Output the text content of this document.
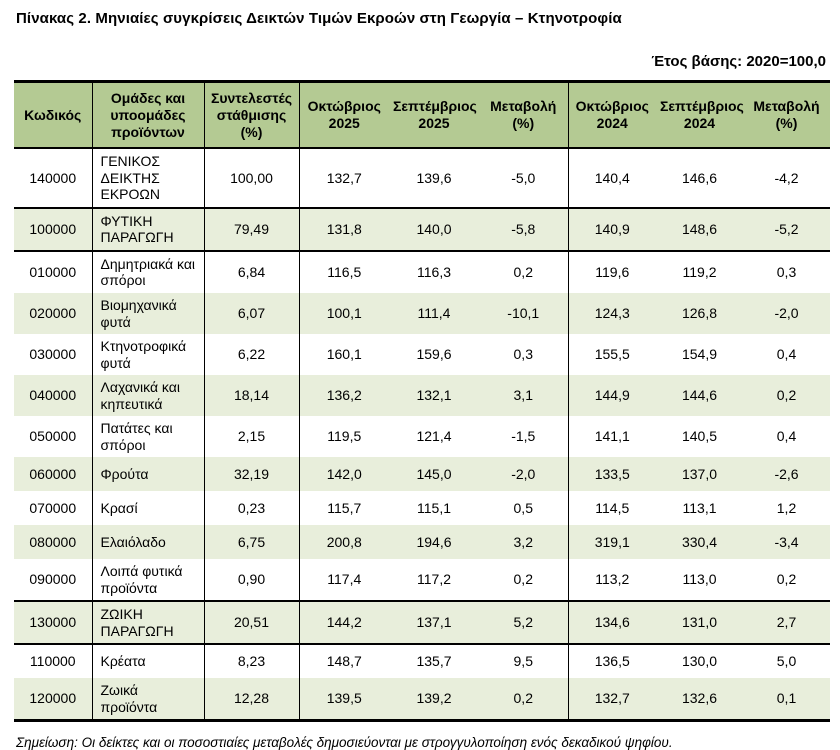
Πίνακας 2. Μηνιαίες συγκρίσεις Δεικτών Τιμών Εκροών στη Γεωργία – Κτηνοτροφία
Έτος βάσης: 2020=100,0
Κωδικός	Ομάδες και υποομάδες προϊόντων	Συντελεστές στάθμισης (%)	Οκτώβριος 2025	Σεπτέμβριος 2025	Μεταβολή (%)	Οκτώβριος 2024	Σεπτέμβριος 2024	Μεταβολή (%)
140000	ΓΕΝΙΚΟΣ ΔΕΙΚΤΗΣ ΕΚΡΟΩΝ	100,00	132,7	139,6	-5,0	140,4	146,6	-4,2
100000	ΦΥΤΙΚΗ ΠΑΡΑΓΩΓΗ	79,49	131,8	140,0	-5,8	140,9	148,6	-5,2
010000	Δημητριακά και σπόροι	6,84	116,5	116,3	0,2	119,6	119,2	0,3
020000	Βιομηχανικά φυτά	6,07	100,1	111,4	-10,1	124,3	126,8	-2,0
030000	Κτηνοτροφικά φυτά	6,22	160,1	159,6	0,3	155,5	154,9	0,4
040000	Λαχανικά και κηπευτικά	18,14	136,2	132,1	3,1	144,9	144,6	0,2
050000	Πατάτες και σπόροι	2,15	119,5	121,4	-1,5	141,1	140,5	0,4
060000	Φρούτα	32,19	142,0	145,0	-2,0	133,5	137,0	-2,6
070000	Κρασί	0,23	115,7	115,1	0,5	114,5	113,1	1,2
080000	Ελαιόλαδο	6,75	200,8	194,6	3,2	319,1	330,4	-3,4
090000	Λοιπά φυτικά προϊόντα	0,90	117,4	117,2	0,2	113,2	113,0	0,2
130000	ΖΩΙΚΗ ΠΑΡΑΓΩΓΗ	20,51	144,2	137,1	5,2	134,6	131,0	2,7
110000	Κρέατα	8,23	148,7	135,7	9,5	136,5	130,0	5,0
120000	Ζωικά προϊόντα	12,28	139,5	139,2	0,2	132,7	132,6	0,1
Σημείωση: Οι δείκτες και οι ποσοστιαίες μεταβολές δημοσιεύονται με στρογγυλοποίηση ενός δεκαδικού ψηφίου.
